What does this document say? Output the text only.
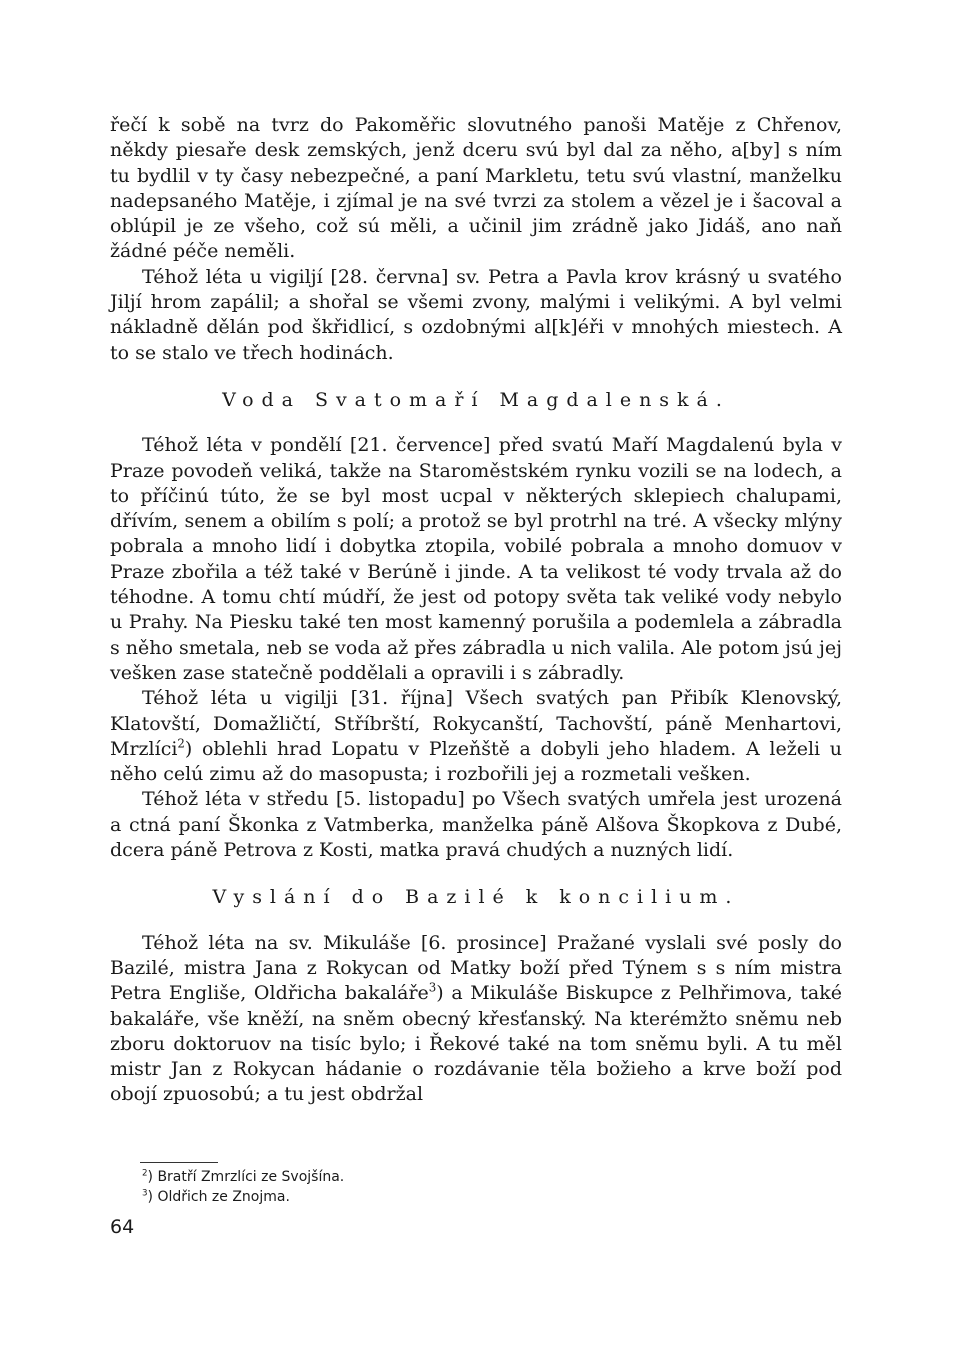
řečí k sobě na tvrz do Pakoměřic slovutného panoši Matěje z Chřenov, někdy piesaře desk zemských, jenž dceru svú byl dal za něho, a[by] s ním tu bydlil v ty časy nebezpečné, a paní Markletu, tetu svú vlastní, manželku nadepsaného Matěje, i zjímal je na své tvrzi za stolem a vězel je i šacoval a oblúpil je ze všeho, což sú měli, a učinil jim zrádně jako Jidáš, ano naň žádné péče neměli.

Téhož léta u vigiljí [28. června] sv. Petra a Pavla krov krásný u svatého Jiljí hrom zapálil; a shořal se všemi zvony, malými i velikými. A byl velmi nákladně dělán pod škřidlicí, s ozdobnými al[k]éři v mnohých miestech. A to se stalo ve třech hodinách.

Voda Svatomaří Magdalenská.

Téhož léta v pondělí [21. července] před svatú Maří Magdalenú byla v Praze povodeň veliká, takže na Staroměstském rynku vozili se na lodech, a to příčinú túto, že se byl most ucpal v některých sklepiech chalupami, dřívím, senem a obilím s polí; a protož se byl protrhl na tré. A všecky mlýny pobrala a mnoho lidí i dobytka ztopila, vobilé pobrala a mnoho domuov v Praze zbořila a též také v Berúně i jinde. A ta velikost té vody trvala až do téhodne. A tomu chtí múdří, že jest od potopy světa tak veliké vody nebylo u Prahy. Na Piesku také ten most kamenný porušila a podemlela a zábradla s něho smetala, neb se voda až přes zábradla u nich valila. Ale potom jsú jej vešken zase statečně poddělali a opravili i s zábradly.

Téhož léta u vigilji [31. října] Všech svatých pan Přibík Klenovský, Klatovští, Domažličtí, Stříbrští, Rokycanští, Tachovští, páně Menhartovi, Mrzlíci$^2$) oblehli hrad Lopatu v Plzeňště a dobyli jeho hladem. A leželi u něho celú zimu až do masopusta; i rozbořili jej a rozmetali vešken.

Téhož léta v středu [5. listopadu] po Všech svatých umřela jest urozená a ctná paní Škonka z Vatmberka, manželka páně Alšova Škopkova z Dubé, dcera páně Petrova z Kosti, matka pravá chudých a nuzných lidí.

Vyslání do Bazilé k koncilium.

Téhož léta na sv. Mikuláše [6. prosince] Pražané vyslali své posly do Bazilé, mistra Jana z Rokycan od Matky boží před Týnem s s ním mistra Petra Engliše, Oldřicha bakaláře$^3$) a Mikuláše Biskupce z Pelhřimova, také bakaláře, vše kněží, na sněm obecný křesťanský. Na kterémžto sněmu neb zboru doktoruov na tisíc bylo; i Řekové také na tom sněmu byli. A tu měl mistr Jan z Rokycan hádanie o rozdávanie těla božieho a krve boží pod obojí zpuosobú; a tu jest obdržal

$^2$) Bratří Zmrzlíci ze Svojšína.
$^3$) Oldřich ze Znojma.
64
